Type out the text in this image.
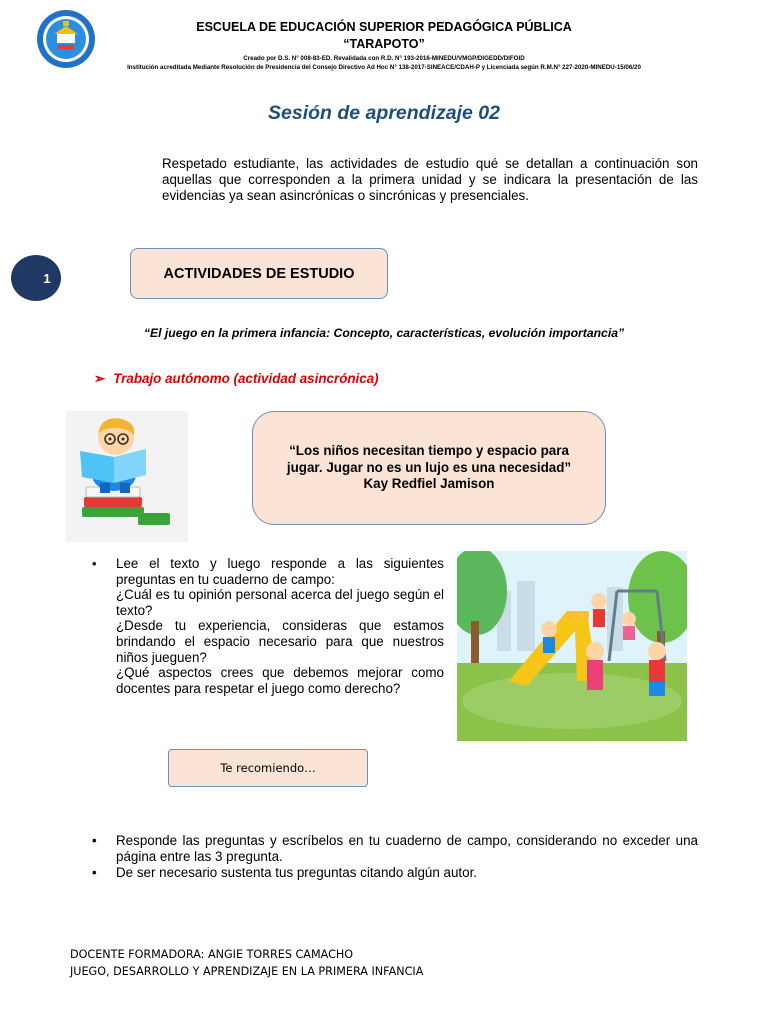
ESCUELA DE EDUCACIÓN SUPERIOR PEDAGÓGICA PÚBLICA
“TARAPOTO”
Creado por D.S. N° 008-83-ED. Revalidada con R.D. N° 193-2016-MINEDU/VMGP/DIGEDD/DIFOID
Institución acreditada Mediante Resolución de Presidencia del Consejo Directivo Ad Hoc N° 138-2017-SINEACE/CDAH-P y Licenciada según R.M.N° 227-2020-MINEDU-15/06/20
Sesión de aprendizaje 02
Respetado estudiante, las actividades de estudio qué se detallan a continuación son aquellas que corresponden a la primera unidad y se indicara la presentación de las evidencias ya sean asincrónicas o sincrónicas y presenciales.
1	ACTIVIDADES DE ESTUDIO
“El juego en la primera infancia: Concepto, características, evolución importancia”
➢ Trabajo autónomo (actividad asincrónica)
“Los niños necesitan tiempo y espacio para jugar. Jugar no es un lujo es una necesidad”
Kay Redfiel Jamison
• Lee el texto y luego responde a las siguientes preguntas en tu cuaderno de campo:
¿Cuál es tu opinión personal acerca del juego según el texto?
¿Desde tu experiencia, consideras que estamos brindando el espacio necesario para que nuestros niños jueguen?
¿Qué aspectos crees que debemos mejorar como docentes para respetar el juego como derecho?
Te recomiendo…
• Responde las preguntas y escríbelos en tu cuaderno de campo, considerando no exceder una página entre las 3 pregunta.
• De ser necesario sustenta tus preguntas citando algún autor.
DOCENTE FORMADORA: ANGIE TORRES CAMACHO
JUEGO, DESARROLLO Y APRENDIZAJE EN LA PRIMERA INFANCIA
